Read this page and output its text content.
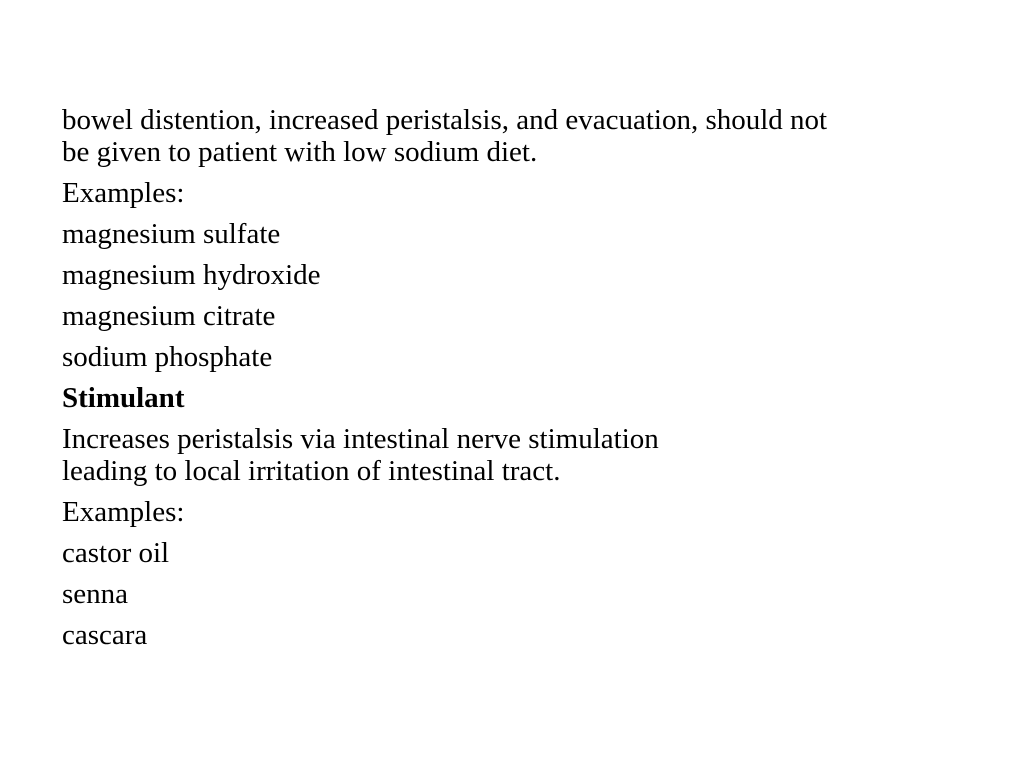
bowel distention, increased peristalsis, and evacuation, should not
be given to patient with low sodium diet.

Examples:

magnesium sulfate

magnesium hydroxide

magnesium citrate

sodium phosphate

Stimulant

Increases peristalsis via intestinal nerve stimulation
leading to local irritation of intestinal tract.

Examples:

castor oil

senna

cascara
